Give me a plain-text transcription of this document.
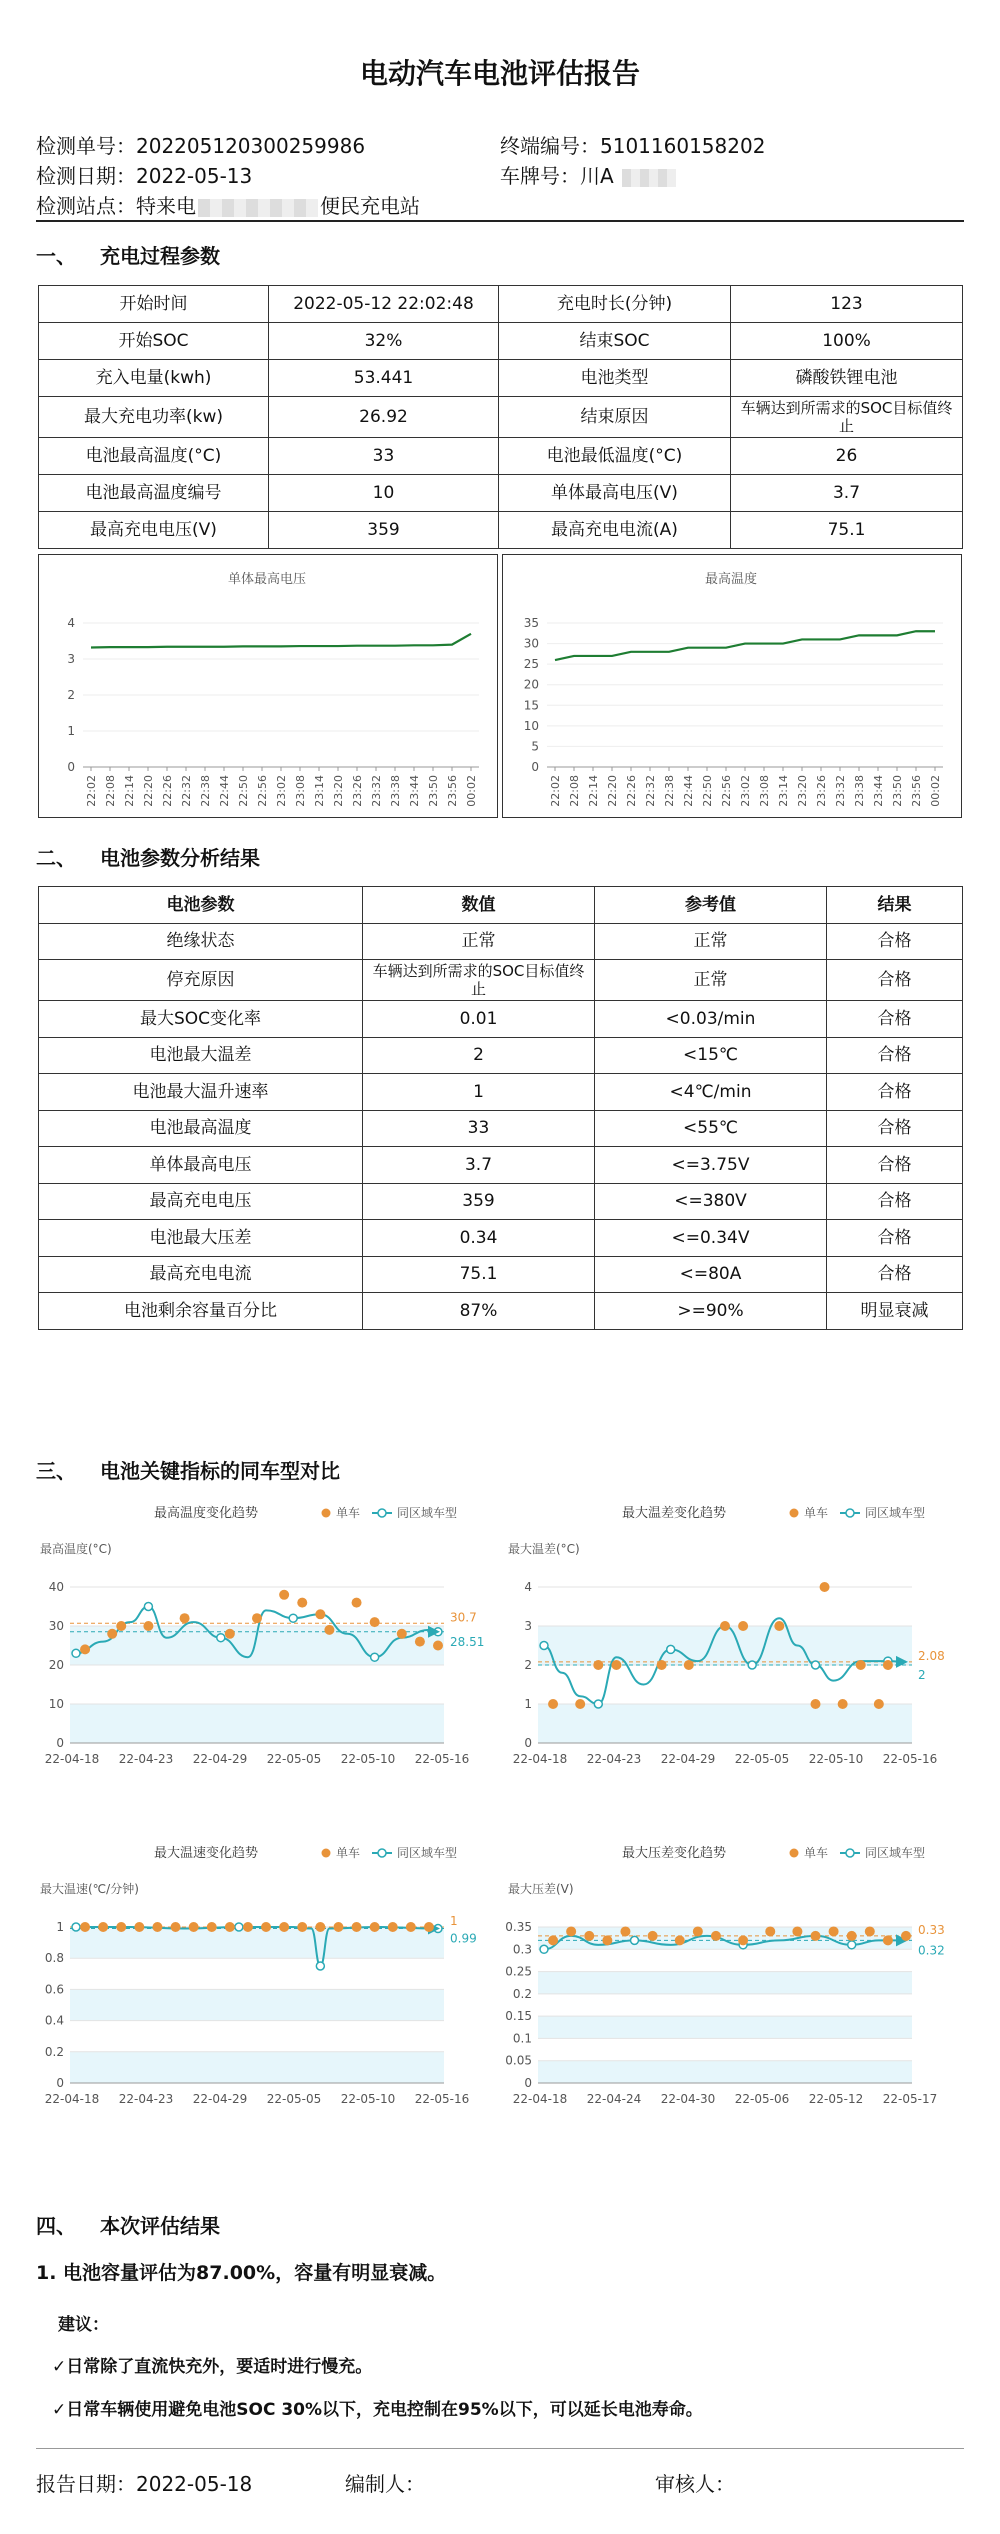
电动汽车电池评估报告
检测单号：202205120300259986	终端编号：5101160158202
检测日期：2022-05-13	车牌号：川A
检测站点：特来电	便民充电站
一、 充电过程参数
开始时间	2022-05-12 22:02:48	充电时长(分钟)	123
开始SOC	32%	结束SOC	100%
充入电量(kwh)	53.441	电池类型	磷酸铁锂电池
最大充电功率(kw)	26.92	结束原因	车辆达到所需求的SOC目标值终止
电池最高温度(°C)	33	电池最低温度(°C)	26
电池最高温度编号	10	单体最高电压(V)	3.7
最高充电电压(V)	359	最高充电电流(A)	75.1
单体最高电压
0
1
2
3
4
22:02 22:08 22:14 22:20 22:26 22:32 22:38 22:44 22:50 22:56 23:02 23:08 23:14 23:20 23:26 23:32 23:38 23:44 23:50 23:56 00:02
最高温度
0
5
10
15
20
25
30
35
22:02 22:08 22:14 22:20 22:26 22:32 22:38 22:44 22:50 22:56 23:02 23:08 23:14 23:20 23:26 23:32 23:38 23:44 23:50 23:56 00:02
二、 电池参数分析结果
电池参数	数值	参考值	结果
绝缘状态	正常	正常	合格
停充原因	车辆达到所需求的SOC目标值终止	正常	合格
最大SOC变化率	0.01	<0.03/min	合格
电池最大温差	2	<15℃	合格
电池最大温升速率	1	<4℃/min	合格
电池最高温度	33	<55℃	合格
单体最高电压	3.7	<=3.75V	合格
最高充电电压	359	<=380V	合格
电池最大压差	0.34	<=0.34V	合格
最高充电电流	75.1	<=80A	合格
电池剩余容量百分比	87%	>=90%	明显衰减
三、 电池关键指标的同车型对比
最高温度变化趋势	单车	同区域车型
最高温度(°C)
0
10
20
30
40
22-04-18 22-04-23 22-04-29 22-05-05 22-05-10 22-05-16
30.7
28.51
最大温差变化趋势	单车	同区域车型
最大温差(°C)
0
1
2
3
4
22-04-18 22-04-23 22-04-29 22-05-05 22-05-10 22-05-16
2.08
2
最大温速变化趋势	单车	同区域车型
最大温速(℃/分钟)
0
0.2
0.4
0.6
0.8
1
22-04-18 22-04-23 22-04-29 22-05-05 22-05-10 22-05-16
1
0.99
最大压差变化趋势	单车	同区域车型
最大压差(V)
0
0.05
0.1
0.15
0.2
0.25
0.3
0.35
22-04-18 22-04-24 22-04-30 22-05-06 22-05-12 22-05-17
0.33
0.32
四、 本次评估结果
1. 电池容量评估为87.00%，容量有明显衰减。
建议：
✓日常除了直流快充外，要适时进行慢充。
✓日常车辆使用避免电池SOC 30%以下，充电控制在95%以下，可以延长电池寿命。
报告日期：2022-05-18	编制人：	审核人：
